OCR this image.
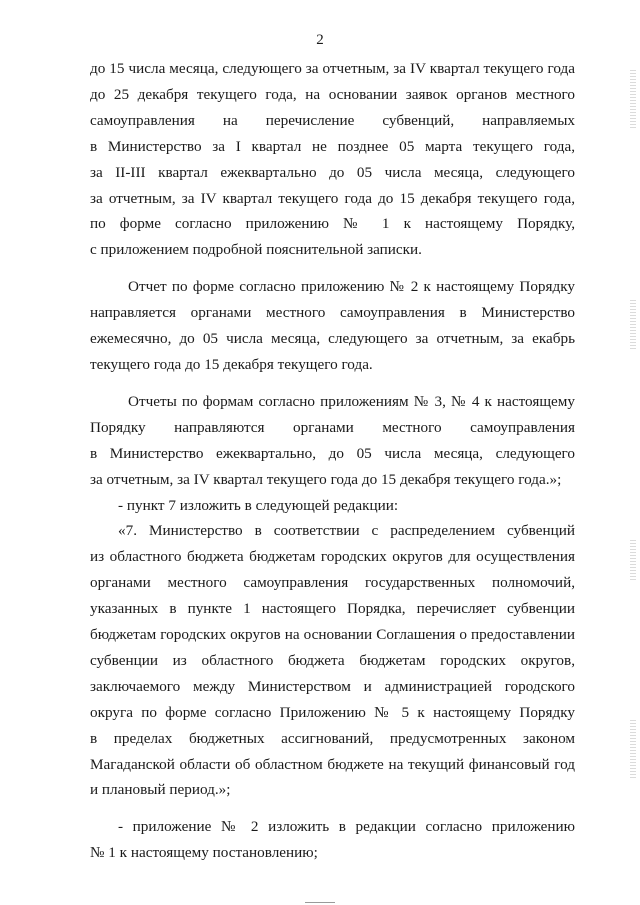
2
до 15 числа месяца, следующего за отчетным, за IV квартал текущего года
до 25 декабря текущего года, на основании заявок органов местного
самоуправления на перечисление субвенций, направляемых
в Министерство за I квартал не позднее 05 марта текущего года,
за II-III квартал ежеквартально до 05 числа месяца, следующего
за отчетным, за IV квартал текущего года до 15 декабря текущего года,
по форме согласно приложению № 1 к настоящему Порядку,
с приложением подробной пояснительной записки.
Отчет по форме согласно приложению № 2 к настоящему Порядку
направляется органами местного самоуправления в Министерство
ежемесячно, до 05 числа месяца, следующего за отчетным, за екабрь
текущего года до 15 декабря текущего года.
Отчеты по формам согласно приложениям № 3, № 4 к настоящему
Порядку направляются органами местного самоуправления
в Министерство ежеквартально, до 05 числа месяца, следующего
за отчетным, за IV квартал текущего года до 15 декабря текущего года.»;
- пункт 7 изложить в следующей редакции:
«7. Министерство в соответствии с распределением субвенций
из областного бюджета бюджетам городских округов для осуществления
органами местного самоуправления государственных полномочий,
указанных в пункте 1 настоящего Порядка, перечисляет субвенции
бюджетам городских округов на основании Соглашения о предоставлении
субвенции из областного бюджета бюджетам городских округов,
заключаемого между Министерством и администрацией городского
округа по форме согласно Приложению № 5 к настоящему Порядку
в пределах бюджетных ассигнований, предусмотренных законом
Магаданской области об областном бюджете на текущий финансовый год
и плановый период.»;
- приложение № 2 изложить в редакции согласно приложению
№ 1 к настоящему постановлению;
